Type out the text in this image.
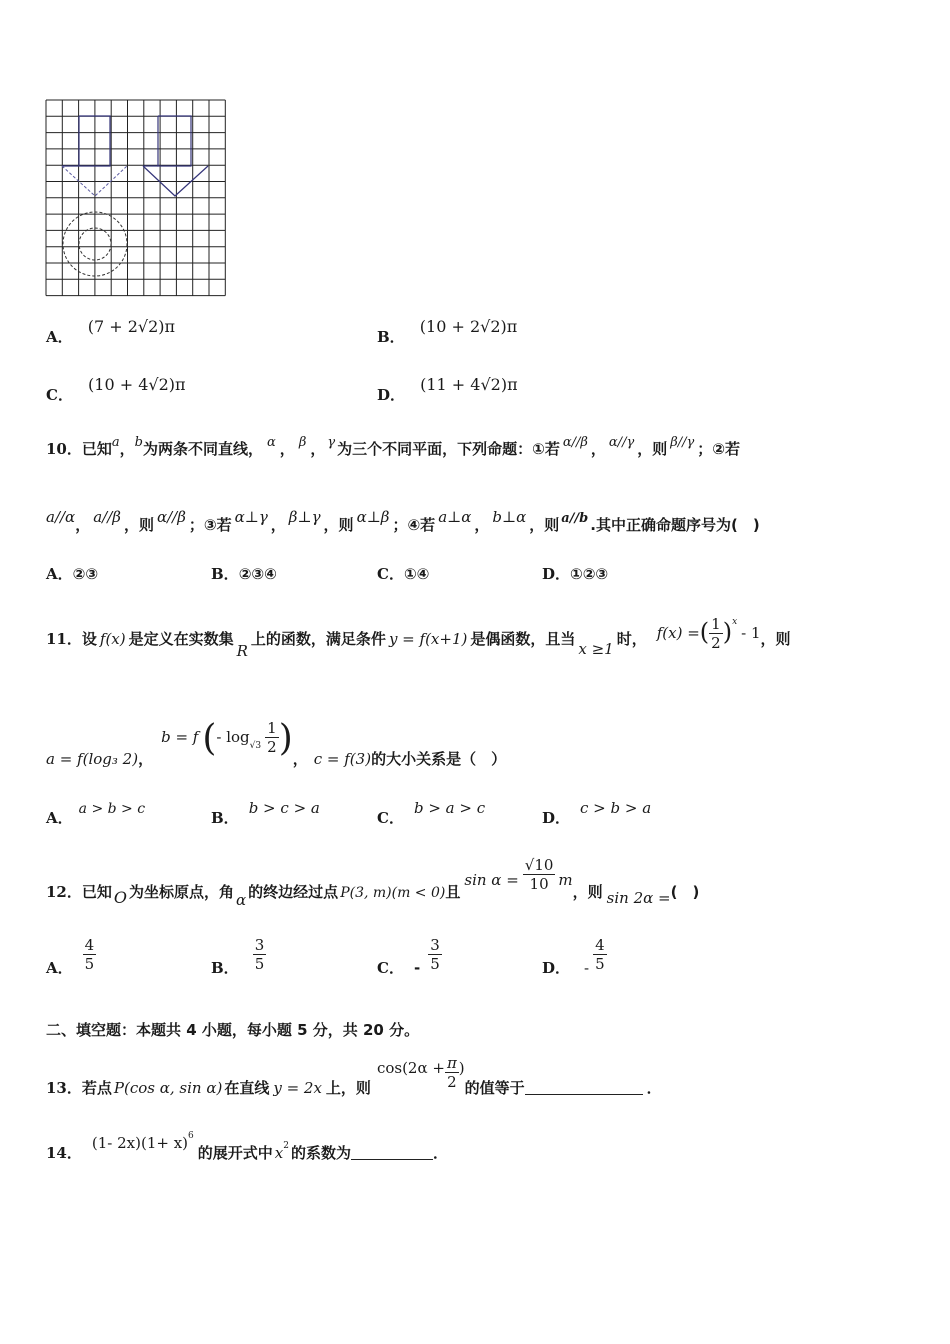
A． (7 + 2√2)π
B． (10 + 2√2)π
C． (10 + 4√2)π
D． (11 + 4√2)π
10．已知$^a$，$^b$为两条不同直线， $^\alpha$ ， $^\beta$ ， $^\gamma$ 为三个不同平面，下列命题：①若 $^{\alpha//\beta}$ ， $^{\alpha//\gamma}$ ，则 $^{\beta//\gamma}$ ；②若
a//α， a//β ，则 α//β ；③若 α⊥γ ， β⊥γ ，则 α⊥β ；④若 a⊥α ， b⊥α ，则 $^{a//b}$ .其中正确命题序号为(　)
A．②③	B．②③④	C．①④	D．①②③
11．设 f(x) 是定义在实数集R上的函数，满足条件 y = f(x+1) 是偶函数，且当x ≥1时， f(x) =( $\frac{1}{2} )^x-$ 1，则
a = f(log₃ 2)，b = f (- $\log_{√3} \frac{1}{2}$ )， c = f(3)的大小关系是（　）
A． a > b > c	B．b > c > a
C．b > a > c
D．c > b > a
12．已知 O 为坐标原点，角 α 的终边经过点 P(3, m)(m < 0)且$\sin \alpha = \frac{√10}{10}$ m，则 sin 2α =(　)
A． $\frac{4}{5}$	B． $\frac{3}{5}$	C． - $\frac{3}{5}$	D． - $\frac{4}{5}$
二、填空题：本题共 4 小题，每小题 5 分，共 20 分。
13．若点 P(cos α, sin α) 在直线 y = 2x 上，则$\cos(2\alpha + \frac{\pi}{2}$ )的值等于	．
14．(1- $2x)(1+ x)^6$的展开式中 x2 的系数为	．
